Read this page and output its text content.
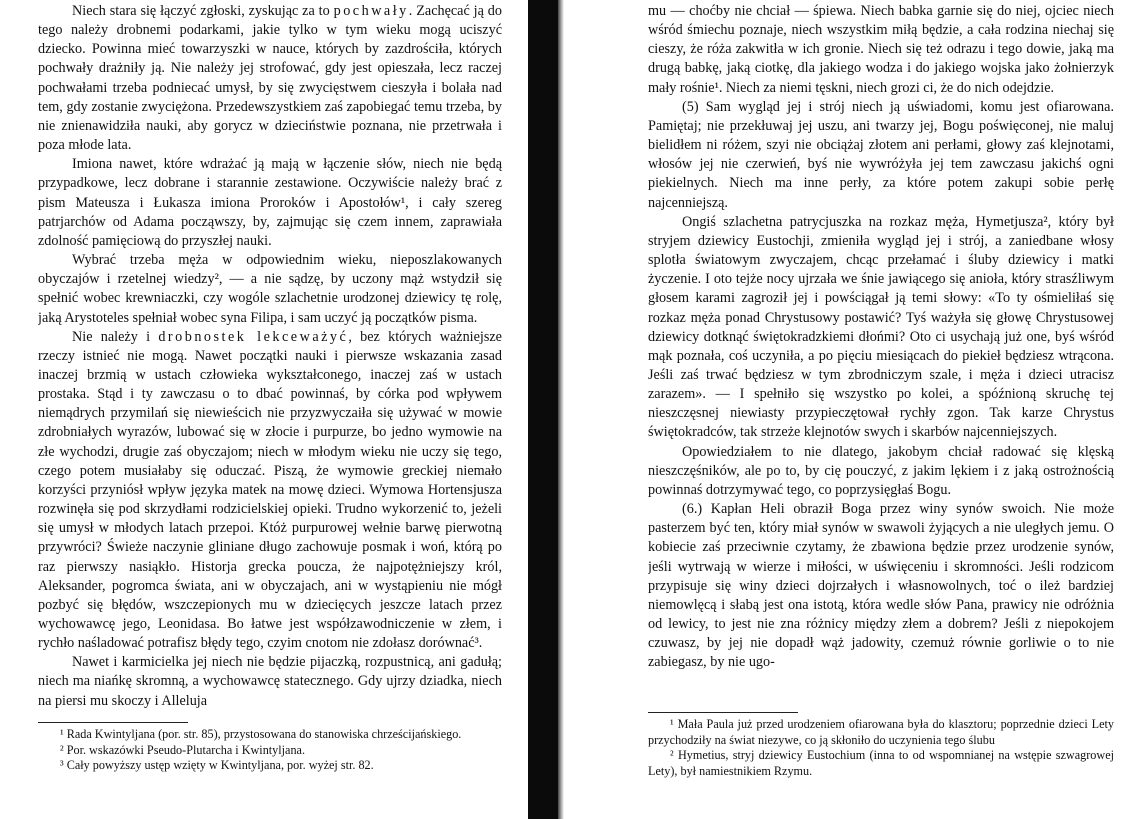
Niech stara się łączyć zgłoski, zyskując za to pochwały. Zachęcać ją do tego należy drobnemi podarkami, jakie tylko w tym wieku mogą uciszyć dziecko. Powinna mieć towarzyszki w nauce, których by zazdrościła, których pochwały drażniły ją. Nie należy jej strofować, gdy jest opieszała, lecz raczej pochwałami trzeba podniecać umysł, by się zwycięstwem cieszyła i bolała nad tem, gdy zostanie zwyciężona. Przedewszystkiem zaś zapobiegać temu trzeba, by nie znienawidziła nauki, aby gorycz w dzieciństwie poznana, nie przetrwała i poza młode lata.

Imiona nawet, które wdrażać ją mają w łączenie słów, niech nie będą przypadkowe, lecz dobrane i starannie zestawione. Oczywiście należy brać z pism Mateusza i Łukasza imiona Proroków i Apostołów¹, i cały szereg patrjarchów od Adama począwszy, by, zajmując się czem innem, zaprawiała zdolność pamięciową do przyszłej nauki.

Wybrać trzeba męża w odpowiednim wieku, nieposzlakowanych obyczajów i rzetelnej wiedzy², — a nie sądzę, by uczony mąż wstydził się spełnić wobec krewniaczki, czy wogóle szlachetnie urodzonej dziewicy tę rolę, jaką Arystoteles spełniał wobec syna Filipa, i sam uczyć ją początków pisma.

Nie należy i drobnostek lekceważyć, bez których ważniejsze rzeczy istnieć nie mogą. Nawet początki nauki i pierwsze wskazania zasad inaczej brzmią w ustach człowieka wykształconego, inaczej zaś w ustach prostaka. Stąd i ty zawczasu o to dbać powinnaś, by córka pod wpływem niemądrych przymilań się niewieścich nie przyzwyczaiła się używać w mowie zdrobniałych wyrazów, lubować się w złocie i purpurze, bo jedno wymowie na złe wychodzi, drugie zaś obyczajom; niech w młodym wieku nie uczy się tego, czego potem musiałaby się oduczać. Piszą, że wymowie greckiej niemało korzyści przyniósł wpływ języka matek na mowę dzieci. Wymowa Hortensjusza rozwinęła się pod skrzydłami rodzicielskiej opieki. Trudno wykorzenić to, jeżeli się umysł w młodych latach przepoi. Któż purpurowej wełnie barwę pierwotną przywróci? Świeże naczynie gliniane długo zachowuje posmak i woń, którą po raz pierwszy nasiąkło. Historja grecka poucza, że najpotężniejszy król, Aleksander, pogromca świata, ani w obyczajach, ani w wystąpieniu nie mógł pozbyć się błędów, wszczepionych mu w dziecięcych jeszcze latach przez wychowawcę jego, Leonidasa. Bo łatwe jest współzawodniczenie w złem, i rychło naśladować potrafisz błędy tego, czyim cnotom nie zdołasz dorównać³.

Nawet i karmicielka jej niech nie będzie pijaczką, rozpustnicą, ani gadułą; niech ma niańkę skromną, a wychowawcę statecznego. Gdy ujrzy dziadka, niech na piersi mu skoczy i Alleluja

¹ Rada Kwintyljana (por. str. 85), przystosowana do stanowiska chrześcijańskiego.

² Por. wskazówki Pseudo-Plutarcha i Kwintyljana.

³ Cały powyższy ustęp wzięty w Kwintyljana, por. wyżej str. 82.

mu — choćby nie chciał — śpiewa. Niech babka garnie się do niej, ojciec niech wśród śmiechu poznaje, niech wszystkim miłą będzie, a cała rodzina niechaj się cieszy, że róża zakwitła w ich gronie. Niech się też odrazu i tego dowie, jaką ma drugą babkę, jaką ciotkę, dla jakiego wodza i do jakiego wojska jako żołnierzyk mały rośnie¹. Niech za niemi tęskni, niech grozi ci, że do nich odejdzie.

(5) Sam wygląd jej i strój niech ją uświadomi, komu jest ofiarowana. Pamiętaj; nie przekłuwaj jej uszu, ani twarzy jej, Bogu poświęconej, nie maluj bielidłem ni różem, szyi nie obciążaj złotem ani perłami, głowy zaś klejnotami, włosów jej nie czerwień, byś nie wywróżyła jej tem zawczasu jakichś ogni piekielnych. Niech ma inne perły, za które potem zakupi sobie perłę najcenniejszą.

Ongiś szlachetna patrycjuszka na rozkaz męża, Hymetjusza², który był stryjem dziewicy Eustochji, zmieniła wygląd jej i strój, a zaniedbane włosy splotła światowym zwyczajem, chcąc przełamać i śluby dziewicy i matki życzenie. I oto tejże nocy ujrzała we śnie jawiącego się anioła, który strasźliwym głosem karami zagroził jej i powściągał ją temi słowy: «To ty ośmieliłaś się rozkaz męża ponad Chrystusowy postawić? Tyś ważyła się głowę Chrystusowej dziewicy dotknąć świętokradzkiemi dłońmi? Oto ci usychają już one, byś wśród mąk poznała, coś uczyniła, a po pięciu miesiącach do piekieł będziesz wtrącona. Jeśli zaś trwać będziesz w tym zbrodniczym szale, i męża i dzieci utracisz zarazem». — I spełniło się wszystko po kolei, a spóźnioną skruchę tej nieszczęsnej niewiasty przypieczętował rychły zgon. Tak karze Chrystus świętokradców, tak strzeże klejnotów swych i skarbów najcenniejszych.

Opowiedziałem to nie dlatego, jakobym chciał radować się klęską nieszczęśników, ale po to, by cię pouczyć, z jakim lękiem i z jaką ostrożnością powinnaś dotrzymywać tego, co poprzysięgłaś Bogu.

(6.) Kapłan Heli obraził Boga przez winy synów swoich. Nie może pasterzem być ten, który miał synów w swawoli żyjących a nie uległych jemu. O kobiecie zaś przeciwnie czytamy, że zbawiona będzie przez urodzenie synów, jeśli wytrwają w wierze i miłości, w uświęceniu i skromności. Jeśli rodzicom przypisuje się winy dzieci dojrzałych i własnowolnych, toć o ileż bardziej niemowlęcą i słabą jest ona istotą, która wedle słów Pana, prawicy nie odróżnia od lewicy, to jest nie zna różnicy między złem a dobrem? Jeśli z niepokojem czuwasz, by jej nie dopadł wąż jadowity, czemuż równie gorliwie o to nie zabiegasz, by nie ugo-

¹ Mała Paula już przed urodzeniem ofiarowana była do klasztoru; poprzednie dzieci Lety przychodziły na świat niezywe, co ją skłoniło do uczynienia tego ślubu

² Hymetius, stryj dziewicy Eustochium (inna to od wspomnianej na wstępie szwagrowej Lety), był namiestnikiem Rzymu.
